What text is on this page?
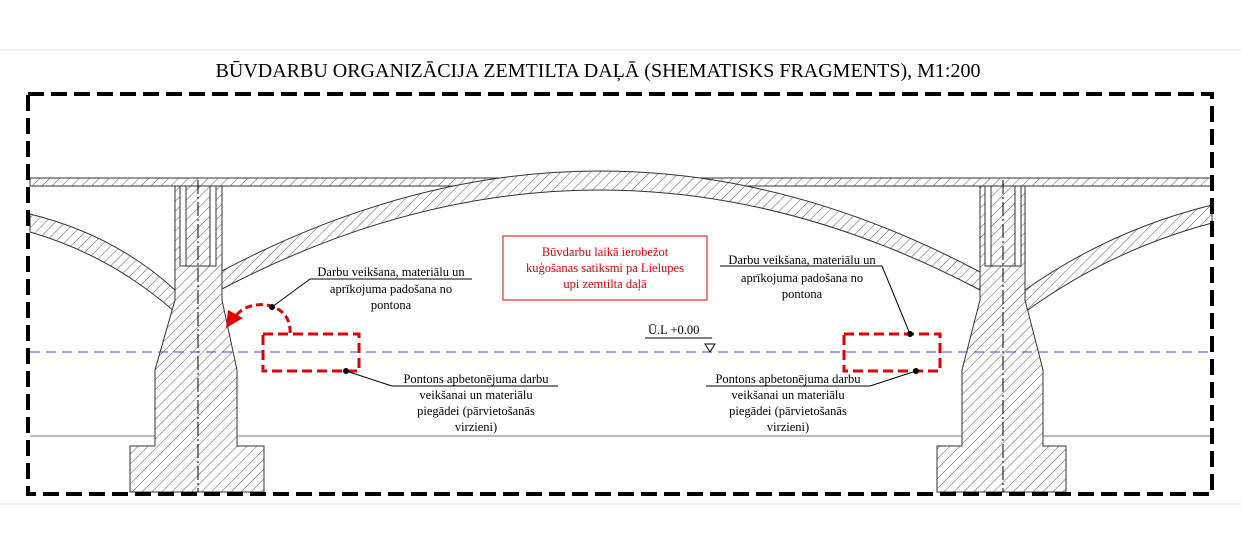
BŪVDARBU ORGANIZĀCIJA ZEMTILTA DAĻĀ (SHEMATISKS FRAGMENTS), M1:200
Ū.L +0.00
Būvdarbu laikā ierobežot
kuģošanas satiksmi pa Lielupes
upi zemtilta daļā
Darbu veikšana, materiālu un
aprīkojuma padošana no
pontona
Pontons apbetonējuma darbu
veikšanai un materiālu
piegādei (pārvietošanās
virzieni)
Darbu veikšana, materiālu un
aprīkojuma padošana no
pontona
Pontons apbetonējuma darbu
veikšanai un materiālu
piegādei (pārvietošanās
virzieni)
